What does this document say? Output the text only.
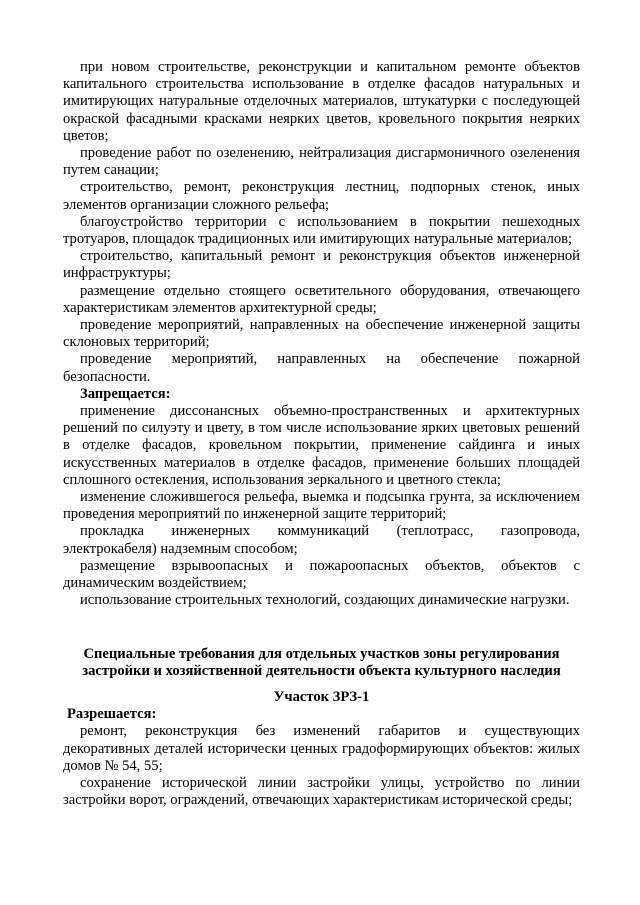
при новом строительстве, реконструкции и капитальном ремонте объектов капитального строительства использование в отделке фасадов натуральных и имитирующих натуральные отделочных материалов, штукатурки с последующей окраской фасадными красками неярких цветов, кровельного покрытия неярких цветов;

проведение работ по озеленению, нейтрализация дисгармоничного озеленения путем санации;

строительство, ремонт, реконструкция лестниц, подпорных стенок, иных элементов организации сложного рельефа;

благоустройство территории с использованием в покрытии пешеходных тротуаров, площадок традиционных или имитирующих натуральные материалов;

строительство, капитальный ремонт и реконструкция объектов инженерной инфраструктуры;

размещение отдельно стоящего осветительного оборудования, отвечающего характеристикам элементов архитектурной среды;

проведение мероприятий, направленных на обеспечение инженерной защиты склоновых территорий;

проведение мероприятий, направленных на обеспечение пожарной безопасности.

Запрещается:

применение диссонансных объемно-пространственных и архитектурных решений по силуэту и цвету, в том числе использование ярких цветовых решений в отделке фасадов, кровельном покрытии, применение сайдинга и иных искусственных материалов в отделке фасадов, применение больших площадей сплошного остекления, использования зеркального и цветного стекла;

изменение сложившегося рельефа, выемка и подсыпка грунта, за исключением проведения мероприятий по инженерной защите территорий;

прокладка инженерных коммуникаций (теплотрасс, газопровода, электрокабеля) надземным способом;

размещение взрывоопасных и пожароопасных объектов, объектов с динамическим воздействием;

использование строительных технологий, создающих динамические нагрузки.

Специальные требования для отдельных участков зоны регулирования застройки и хозяйственной деятельности объекта культурного наследия

Участок ЗРЗ-1

Разрешается:

ремонт, реконструкция без изменений габаритов и существующих декоративных деталей исторически ценных градоформирующих объектов: жилых домов № 54, 55;

сохранение исторической линии застройки улицы, устройство по линии застройки ворот, ограждений, отвечающих характеристикам исторической среды;
